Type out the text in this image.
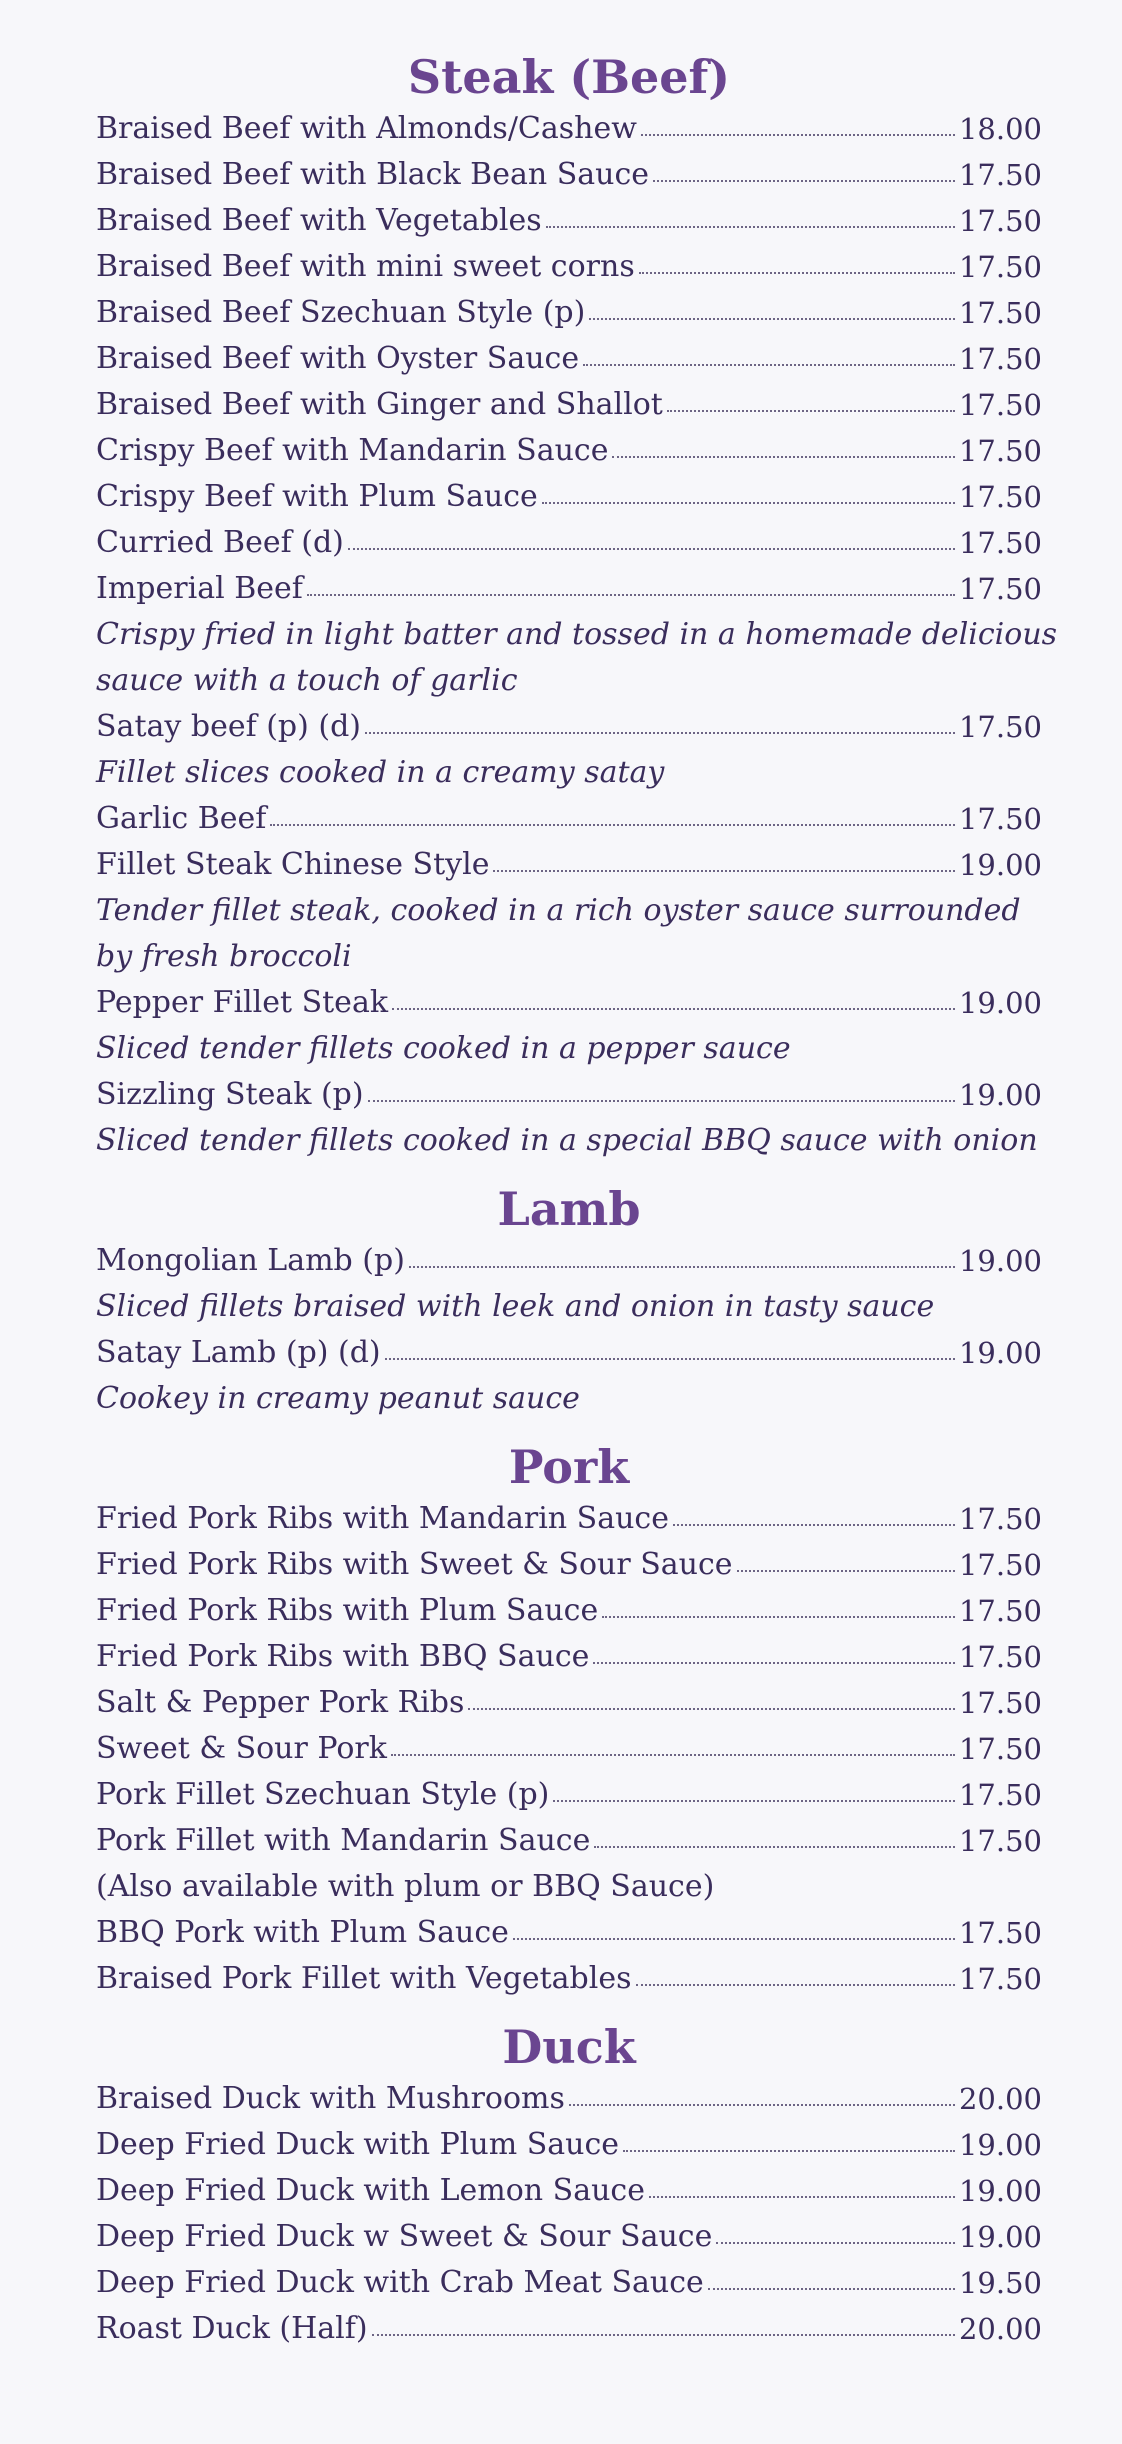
Steak (Beef)
Braised Beef with Almonds/Cashew	18.00
Braised Beef with Black Bean Sauce	17.50
Braised Beef with Vegetables	17.50
Braised Beef with mini sweet corns	17.50
Braised Beef Szechuan Style (p)	17.50
Braised Beef with Oyster Sauce	17.50
Braised Beef with Ginger and Shallot	17.50
Crispy Beef with Mandarin Sauce	17.50
Crispy Beef with Plum Sauce	17.50
Curried Beef (d)	17.50
Imperial Beef	17.50
Crispy fried in light batter and tossed in a homemade delicious
sauce with a touch of garlic
Satay beef (p) (d)	17.50
Fillet slices cooked in a creamy satay
Garlic Beef	17.50
Fillet Steak Chinese Style	19.00
Tender fillet steak, cooked in a rich oyster sauce surrounded
by fresh broccoli
Pepper Fillet Steak	19.00
Sliced tender fillets cooked in a pepper sauce
Sizzling Steak (p)	19.00
Sliced tender fillets cooked in a special BBQ sauce with onion
Lamb
Mongolian Lamb (p)	19.00
Sliced fillets braised with leek and onion in tasty sauce
Satay Lamb (p) (d)	19.00
Cookey in creamy peanut sauce
Pork
Fried Pork Ribs with Mandarin Sauce	17.50
Fried Pork Ribs with Sweet & Sour Sauce	17.50
Fried Pork Ribs with Plum Sauce	17.50
Fried Pork Ribs with BBQ Sauce	17.50
Salt & Pepper Pork Ribs	17.50
Sweet & Sour Pork	17.50
Pork Fillet Szechuan Style (p)	17.50
Pork Fillet with Mandarin Sauce	17.50
(Also available with plum or BBQ Sauce)
BBQ Pork with Plum Sauce	17.50
Braised Pork Fillet with Vegetables	17.50
Duck
Braised Duck with Mushrooms	20.00
Deep Fried Duck with Plum Sauce	19.00
Deep Fried Duck with Lemon Sauce	19.00
Deep Fried Duck w Sweet & Sour Sauce	19.00
Deep Fried Duck with Crab Meat Sauce	19.50
Roast Duck (Half)	20.00
